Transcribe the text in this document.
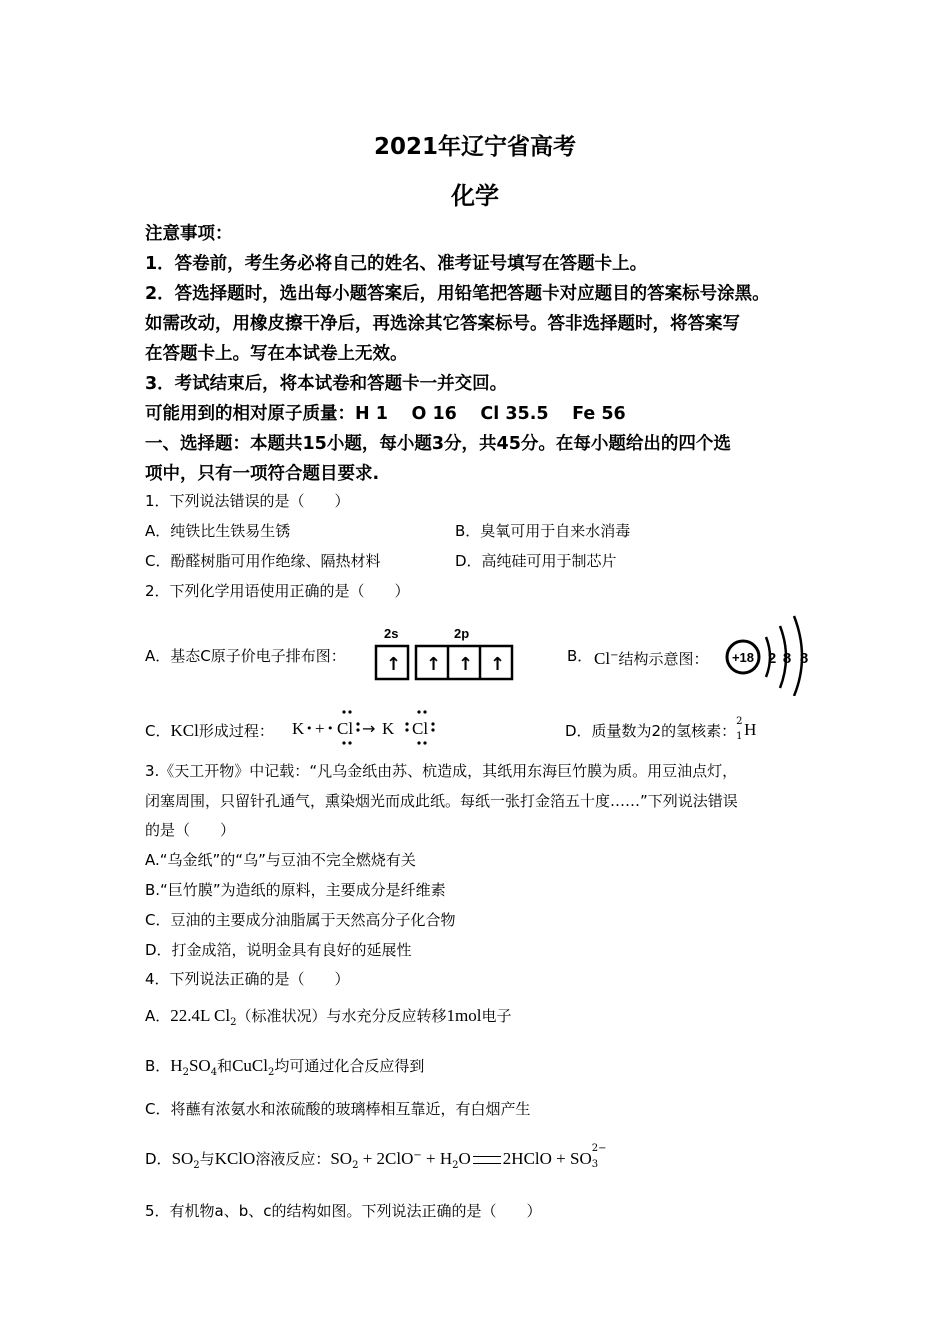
2021年辽宁省高考
化学
注意事项：
1．答卷前，考生务必将自己的姓名、准考证号填写在答题卡上。
2．答选择题时，选出每小题答案后，用铅笔把答题卡对应题目的答案标号涂黑。
如需改动，用橡皮擦干净后，再选涂其它答案标号。答非选择题时，将答案写
在答题卡上。写在本试卷上无效。
3．考试结束后，将本试卷和答题卡一并交回。
可能用到的相对原子质量：H 1　 O 16　 Cl 35.5　 Fe 56
一、选择题：本题共15小题，每小题3分，共45分。在每小题给出的四个选
项中，只有一项符合题目要求.
1．下列说法错误的是（　　）
A．纯铁比生铁易生锈	B．臭氧可用于自来水消毒
C．酚醛树脂可用作绝缘、隔热材料	D．高纯硅可用于制芯片
2．下列化学用语使用正确的是（　　）
A．基态C原子价电子排布图：
2s	2p
↑ ↑ ↑ ↑	B． Cl−结构示意图： +18 2 8 8
C．KCl形成过程： K • + • Cl → K Cl	D．质量数为2的氢核素：
2
1 H
3.《天工开物》中记载：“凡乌金纸由苏、杭造成，其纸用东海巨竹膜为质。用豆油点灯，
闭塞周围，只留针孔通气，熏染烟光而成此纸。每纸一张打金箔五十度……”下列说法错误
的是（　　）
A.“乌金纸”的“乌”与豆油不完全燃烧有关
B.“巨竹膜”为造纸的原料，主要成分是纤维素
C．豆油的主要成分油脂属于天然高分子化合物
D．打金成箔，说明金具有良好的延展性
4．下列说法正确的是（　　）
A．22.4L $Cl_2$（标准状况）与水充分反应转移1mol电子
B．$H_2SO_4$和CuCl$_2$均可通过化合反应得到
C．将蘸有浓氨水和浓硫酸的玻璃棒相互靠近，有白烟产生
D．$SO_2$与KClO溶液反应：$SO_2 + 2ClO^- + H_2O$ 2HClO + SO
2−
3
5．有机物a、b、c的结构如图。下列说法正确的是（　　）
